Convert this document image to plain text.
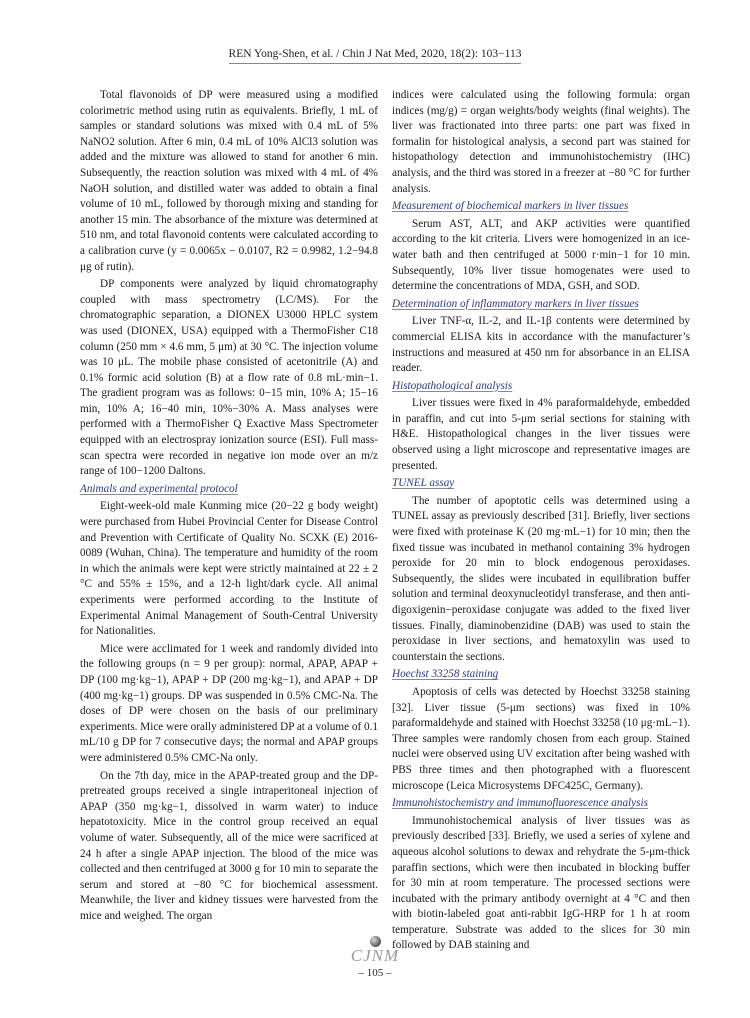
REN Yong-Shen, et al. / Chin J Nat Med, 2020, 18(2): 103−113

Total flavonoids of DP were measured using a modified colorimetric method using rutin as equivalents. Briefly, 1 mL of samples or standard solutions was mixed with 0.4 mL of 5% NaNO2 solution. After 6 min, 0.4 mL of 10% AlCl3 solution was added and the mixture was allowed to stand for another 6 min. Subsequently, the reaction solution was mixed with 4 mL of 4% NaOH solution, and distilled water was added to obtain a final volume of 10 mL, followed by thorough mixing and standing for another 15 min. The absorbance of the mixture was determined at 510 nm, and total flavonoid contents were calculated according to a calibration curve (y = 0.0065x − 0.0107, R2 = 0.9982, 1.2−94.8 μg of rutin).

DP components were analyzed by liquid chromatography coupled with mass spectrometry (LC/MS). For the chromatographic separation, a DIONEX U3000 HPLC system was used (DIONEX, USA) equipped with a ThermoFisher C18 column (250 mm × 4.6 mm, 5 μm) at 30 °C. The injection volume was 10 μL. The mobile phase consisted of acetonitrile (A) and 0.1% formic acid solution (B) at a flow rate of 0.8 mL·min−1. The gradient program was as follows: 0−15 min, 10% A; 15−16 min, 10% A; 16−40 min, 10%−30% A. Mass analyses were performed with a ThermoFisher Q Exactive Mass Spectrometer equipped with an electrospray ionization source (ESI). Full mass-scan spectra were recorded in negative ion mode over an m/z range of 100−1200 Daltons.

Animals and experimental protocol

Eight-week-old male Kunming mice (20−22 g body weight) were purchased from Hubei Provincial Center for Disease Control and Prevention with Certificate of Quality No. SCXK (E) 2016-0089 (Wuhan, China). The temperature and humidity of the room in which the animals were kept were strictly maintained at 22 ± 2 °C and 55% ± 15%, and a 12-h light/dark cycle. All animal experiments were performed according to the Institute of Experimental Animal Management of South-Central University for Nationalities.

Mice were acclimated for 1 week and randomly divided into the following groups (n = 9 per group): normal, APAP, APAP + DP (100 mg·kg−1), APAP + DP (200 mg·kg−1), and APAP + DP (400 mg·kg−1) groups. DP was suspended in 0.5% CMC-Na. The doses of DP were chosen on the basis of our preliminary experiments. Mice were orally administered DP at a volume of 0.1 mL/10 g DP for 7 consecutive days; the normal and APAP groups were administered 0.5% CMC-Na only.

On the 7th day, mice in the APAP-treated group and the DP-pretreated groups received a single intraperitoneal injection of APAP (350 mg·kg−1, dissolved in warm water) to induce hepatotoxicity. Mice in the control group received an equal volume of water. Subsequently, all of the mice were sacrificed at 24 h after a single APAP injection. The blood of the mice was collected and then centrifuged at 3000 g for 10 min to separate the serum and stored at −80 °C for biochemical assessment. Meanwhile, the liver and kidney tissues were harvested from the mice and weighed. The organ

indices were calculated using the following formula: organ indices (mg/g) = organ weights/body weights (final weights). The liver was fractionated into three parts: one part was fixed in formalin for histological analysis, a second part was stained for histopathology detection and immunohistochemistry (IHC) analysis, and the third was stored in a freezer at −80 °C for further analysis.

Measurement of biochemical markers in liver tissues

Serum AST, ALT, and AKP activities were quantified according to the kit criteria. Livers were homogenized in an ice-water bath and then centrifuged at 5000 r·min−1 for 10 min. Subsequently, 10% liver tissue homogenates were used to determine the concentrations of MDA, GSH, and SOD.

Determination of inflammatory markers in liver tissues

Liver TNF-α, IL-2, and IL-1β contents were determined by commercial ELISA kits in accordance with the manufacturer’s instructions and measured at 450 nm for absorbance in an ELISA reader.

Histopathological analysis

Liver tissues were fixed in 4% paraformaldehyde, embedded in paraffin, and cut into 5-μm serial sections for staining with H&E. Histopathological changes in the liver tissues were observed using a light microscope and representative images are presented.

TUNEL assay

The number of apoptotic cells was determined using a TUNEL assay as previously described [31]. Briefly, liver sections were fixed with proteinase K (20 mg·mL−1) for 10 min; then the fixed tissue was incubated in methanol containing 3% hydrogen peroxide for 20 min to block endogenous peroxidases. Subsequently, the slides were incubated in equilibration buffer solution and terminal deoxynucleotidyl transferase, and then anti-digoxigenin−peroxidase conjugate was added to the fixed liver tissues. Finally, diaminobenzidine (DAB) was used to stain the peroxidase in liver sections, and hematoxylin was used to counterstain the sections.

Hoechst 33258 staining

Apoptosis of cells was detected by Hoechst 33258 staining [32]. Liver tissue (5-μm sections) was fixed in 10% paraformaldehyde and stained with Hoechst 33258 (10 μg·mL−1). Three samples were randomly chosen from each group. Stained nuclei were observed using UV excitation after being washed with PBS three times and then photographed with a fluorescent microscope (Leica Microsystems DFC425C, Germany).

Immunohistochemistry and immunofluorescence analysis

Immunohistochemical analysis of liver tissues was as previously described [33]. Briefly, we used a series of xylene and aqueous alcohol solutions to dewax and rehydrate the 5-μm-thick paraffin sections, which were then incubated in blocking buffer for 30 min at room temperature. The processed sections were incubated with the primary antibody overnight at 4 °C and then with biotin-labeled goat anti-rabbit IgG-HRP for 1 h at room temperature. Substrate was added to the slices for 30 min followed by DAB staining and

CJNM
– 105 –
